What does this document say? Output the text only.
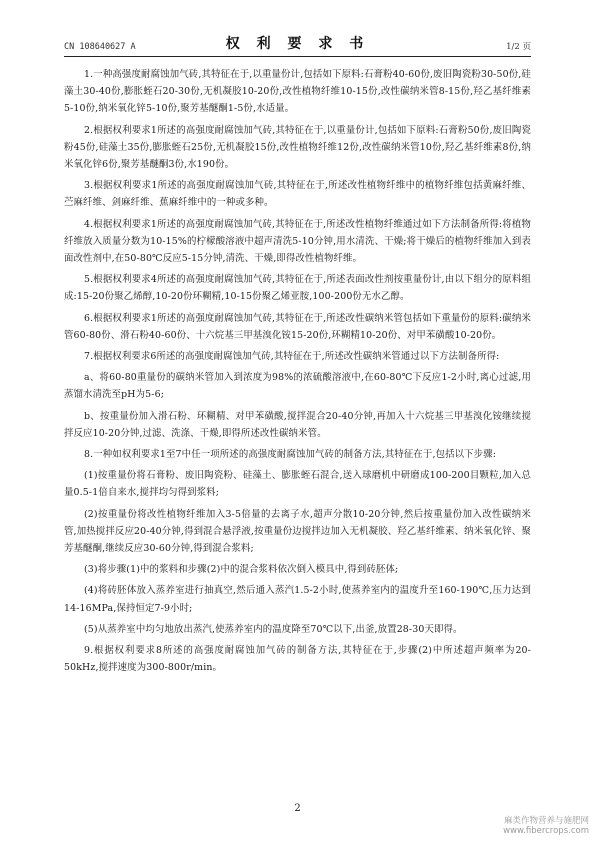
CN 108640627 A	权 利 要 求 书	1/2 页

1.一种高强度耐腐蚀加气砖,其特征在于,以重量份计,包括如下原料:石膏粉40-60份,废旧陶瓷粉30-50份,硅藻土30-40份,膨胀蛭石20-30份,无机凝胶10-20份,改性植物纤维10-15份,改性碳纳米管8-15份,羟乙基纤维素5-10份,纳米氧化锌5-10份,聚芳基醚酮1-5份,水适量。

2.根据权利要求1所述的高强度耐腐蚀加气砖,其特征在于,以重量份计,包括如下原料:石膏粉50份,废旧陶瓷粉45份,硅藻土35份,膨胀蛭石25份,无机凝胶15份,改性植物纤维12份,改性碳纳米管10份,羟乙基纤维素8份,纳米氧化锌6份,聚芳基醚酮3份,水190份。

3.根据权利要求1所述的高强度耐腐蚀加气砖,其特征在于,所述改性植物纤维中的植物纤维包括黄麻纤维、苎麻纤维、剑麻纤维、蕉麻纤维中的一种或多种。

4.根据权利要求1所述的高强度耐腐蚀加气砖,其特征在于,所述改性植物纤维通过如下方法制备所得:将植物纤维放入质量分数为10-15%的柠檬酸溶液中超声清洗5-10分钟,用水清洗、干燥;将干燥后的植物纤维加入到表面改性剂中,在50-80℃反应5-15分钟,清洗、干燥,即得改性植物纤维。

5.根据权利要求4所述的高强度耐腐蚀加气砖,其特征在于,所述表面改性剂按重量份计,由以下组分的原料组成:15-20份聚乙烯醇,10-20份环糊精,10-15份聚乙烯亚胺,100-200份无水乙醇。

6.根据权利要求1所述的高强度耐腐蚀加气砖,其特征在于,所述改性碳纳米管包括如下重量份的原料:碳纳米管60-80份、滑石粉40-60份、十六烷基三甲基溴化铵15-20份,环糊精10-20份、对甲苯磺酸10-20份。

7.根据权利要求6所述的高强度耐腐蚀加气砖,其特征在于,所述改性碳纳米管通过以下方法制备所得:

a、将60-80重量份的碳纳米管加入到浓度为98%的浓硫酸溶液中,在60-80℃下反应1-2小时,离心过滤,用蒸馏水清洗至pH为5-6;

b、按重量份加入滑石粉、环糊精、对甲苯磺酸,搅拌混合20-40分钟,再加入十六烷基三甲基溴化铵继续搅拌反应10-20分钟,过滤、洗涤、干燥,即得所述改性碳纳米管。

8.一种如权利要求1至7中任一项所述的高强度耐腐蚀加气砖的制备方法,其特征在于,包括以下步骤:

(1)按重量份将石膏粉、废旧陶瓷粉、硅藻土、膨胀蛭石混合,送入球磨机中研磨成100-200目颗粒,加入总量0.5-1倍自来水,搅拌均匀得到浆料;

(2)按重量份将改性植物纤维加入3-5倍量的去离子水,超声分散10-20分钟,然后按重量份加入改性碳纳米管,加热搅拌反应20-40分钟,得到混合悬浮液,按重量份边搅拌边加入无机凝胶、羟乙基纤维素、纳米氧化锌、聚芳基醚酮,继续反应30-60分钟,得到混合浆料;

(3)将步骤(1)中的浆料和步骤(2)中的混合浆料依次倒入模具中,得到砖胚体;

(4)将砖胚体放入蒸养室进行抽真空,然后通入蒸汽1.5-2小时,使蒸养室内的温度升至160-190℃,压力达到14-16MPa,保持恒定7-9小时;

(5)从蒸养室中均匀地放出蒸汽,使蒸养室内的温度降至70℃以下,出釜,放置28-30天即得。

9.根据权利要求8所述的高强度耐腐蚀加气砖的制备方法,其特征在于,步骤(2)中所述超声频率为20-50kHz,搅拌速度为300-800r/min。

2
麻类作物营养与施肥网
www.fibercrops.com
